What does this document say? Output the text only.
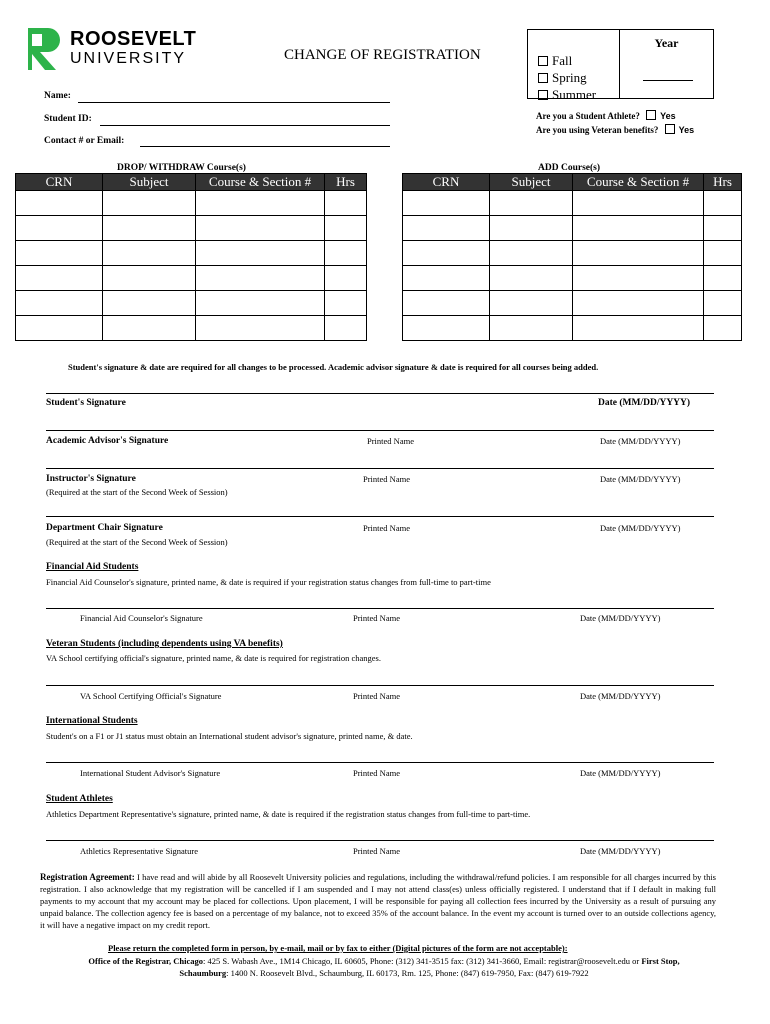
ROOSEVELT
UNIVERSITY	CHANGE OF REGISTRATION	Fall
Spring
Summer
Year
Are you a Student Athlete? Yes
Are you using Veteran benefits? Yes
Name:
Student ID:
Contact # or Email:
DROP/ WITHDRAW Course(s)
CRN	Subject	Course & Section #	Hrs

ADD Course(s)
CRN	Subject	Course & Section #	Hrs

Student's signature & date are required for all changes to be processed. Academic advisor signature & date is required for all courses being added.
Student's Signature	Date (MM/DD/YYYY)
Academic Advisor's Signature	Printed Name	Date (MM/DD/YYYY)
Instructor's Signature
(Required at the start of the Second Week of Session)
Printed Name	Date (MM/DD/YYYY)
Department Chair Signature
(Required at the start of the Second Week of Session)
Printed Name	Date (MM/DD/YYYY)
Financial Aid Students
Financial Aid Counselor's signature, printed name, & date is required if your registration status changes from full-time to part-time
Financial Aid Counselor's Signature	Printed Name	Date (MM/DD/YYYY)
Veteran Students (including dependents using VA benefits)
VA School certifying official's signature, printed name, & date is required for registration changes.
VA School Certifying Official's Signature	Printed Name	Date (MM/DD/YYYY)
International Students
Student's on a F1 or J1 status must obtain an International student advisor's signature, printed name, & date.
International Student Advisor's Signature	Printed Name	Date (MM/DD/YYYY)
Student Athletes
Athletics Department Representative's signature, printed name, & date is required if the registration status changes from full-time to part-time.
Athletics Representative Signature	Printed Name	Date (MM/DD/YYYY)
Registration Agreement: I have read and will abide by all Roosevelt University policies and regulations, including the withdrawal/refund policies. I am responsible for all charges incurred by this registration. I also acknowledge that my registration will be cancelled if I am suspended and I may not attend class(es) unless officially registered. I understand that if I default in making full payments to my account that my account may be placed for collections. Upon placement, I will be responsible for paying all collection fees incurred by the University as a result of pursuing any unpaid balance. The collection agency fee is based on a percentage of my balance, not to exceed 35% of the account balance. In the event my account is turned over to an outside collections agency, it will have a negative impact on my credit report.
Please return the completed form in person, by e-mail, mail or by fax to either (Digital pictures of the form are not acceptable):
Office of the Registrar, Chicago: 425 S. Wabash Ave., 1M14 Chicago, IL 60605, Phone: (312) 341-3515 fax: (312) 341-3660, Email: registrar@roosevelt.edu or First Stop,
Schaumburg: 1400 N. Roosevelt Blvd., Schaumburg, IL 60173, Rm. 125, Phone: (847) 619-7950, Fax: (847) 619-7922
